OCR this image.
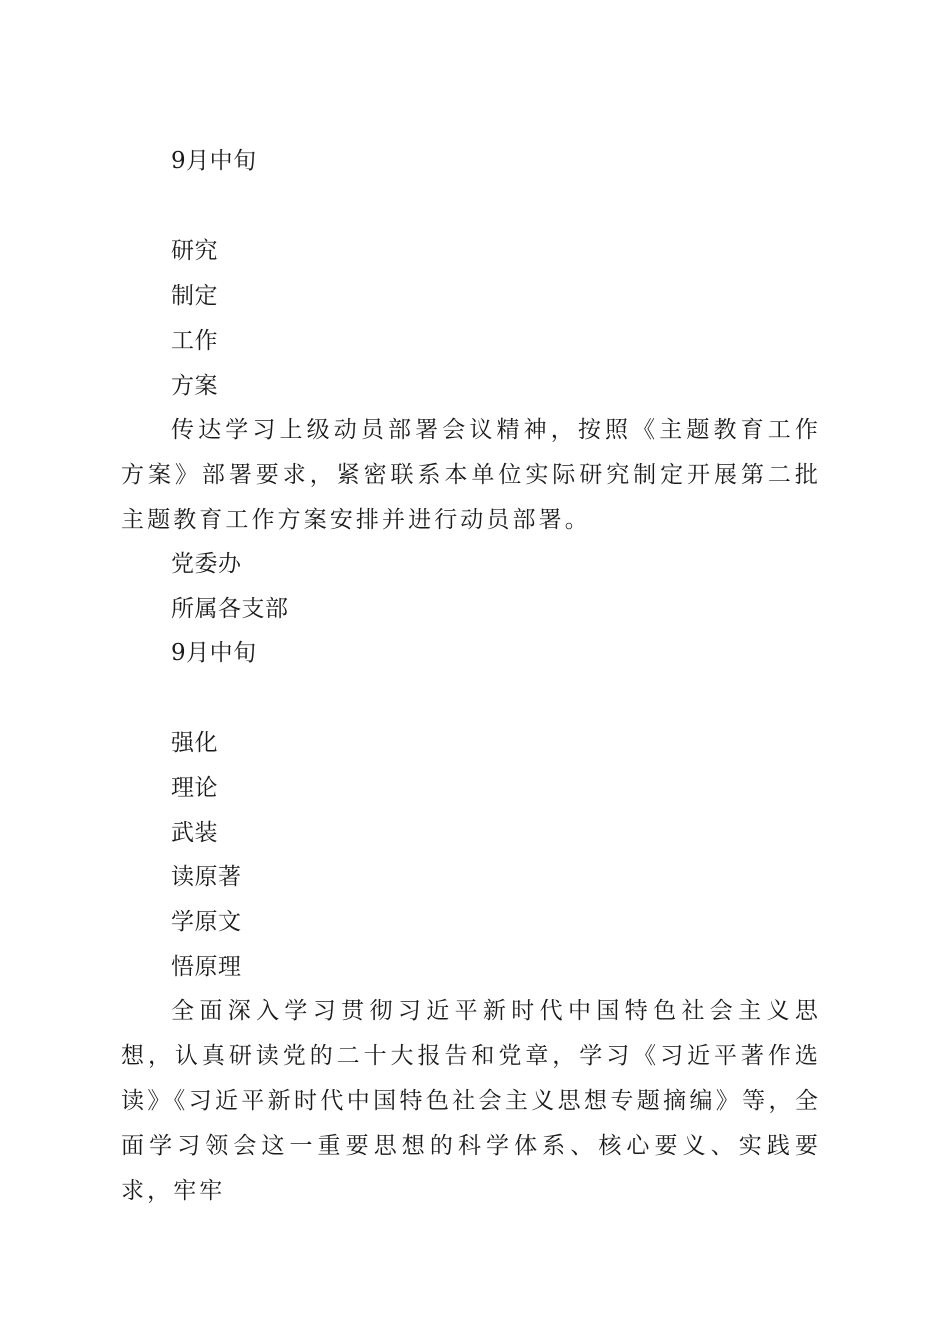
9月中旬
研究
制定
工作
方案
传达学习上级动员部署会议精神，按照《主题教育工作方案》部署要求，紧密联系本单位实际研究制定开展第二批主题教育工作方案安排并进行动员部署。
党委办
所属各支部
9月中旬
强化
理论
武装
读原著
学原文
悟原理
全面深入学习贯彻习近平新时代中国特色社会主义思想，认真研读党的二十大报告和党章，学习《习近平著作选读》《习近平新时代中国特色社会主义思想专题摘编》等，全面学习领会这一重要思想的科学体系、核心要义、实践要求，牢牢
